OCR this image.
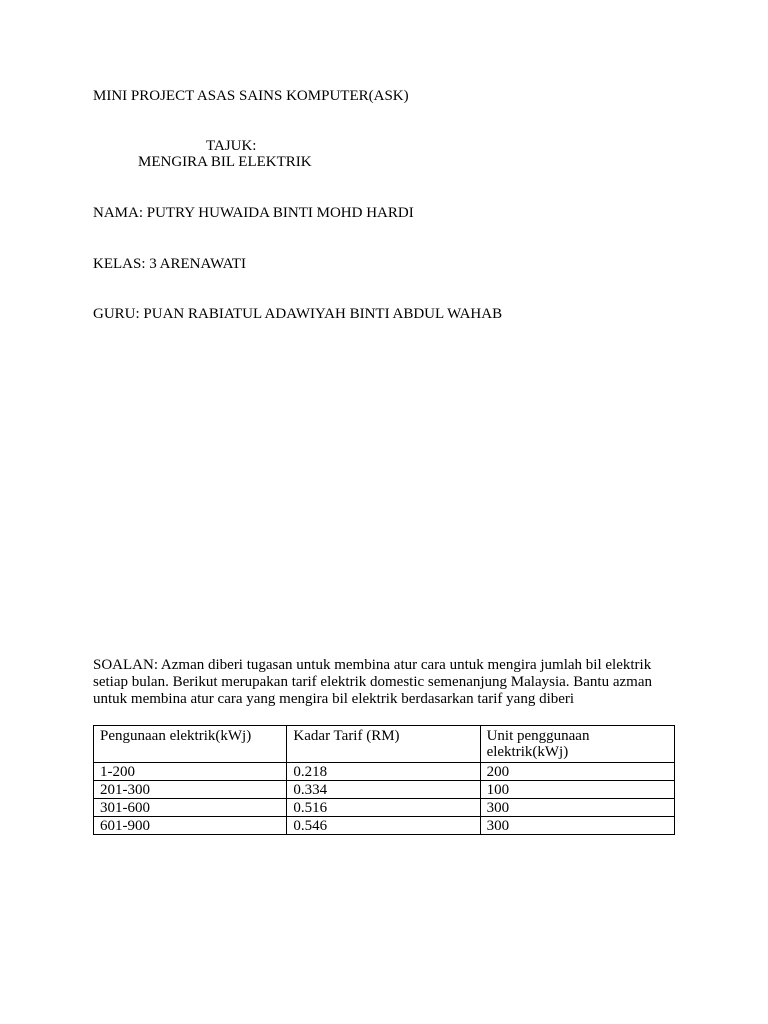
MINI PROJECT ASAS SAINS KOMPUTER(ASK)

TAJUK:

MENGIRA BIL ELEKTRIK

NAMA: PUTRY HUWAIDA BINTI MOHD HARDI

KELAS: 3 ARENAWATI

GURU: PUAN RABIATUL ADAWIYAH BINTI ABDUL WAHAB

SOALAN: Azman diberi tugasan untuk membina atur cara untuk mengira jumlah bil elektrik
setiap bulan. Berikut merupakan tarif elektrik domestic semenanjung Malaysia. Bantu azman
untuk membina atur cara yang mengira bil elektrik berdasarkan tarif yang diberi
Pengunaan elektrik(kWj)	Kadar Tarif (RM)	Unit penggunaan elektrik(kWj)
1-200	0.218	200
201-300	0.334	100
301-600	0.516	300
601-900	0.546	300
